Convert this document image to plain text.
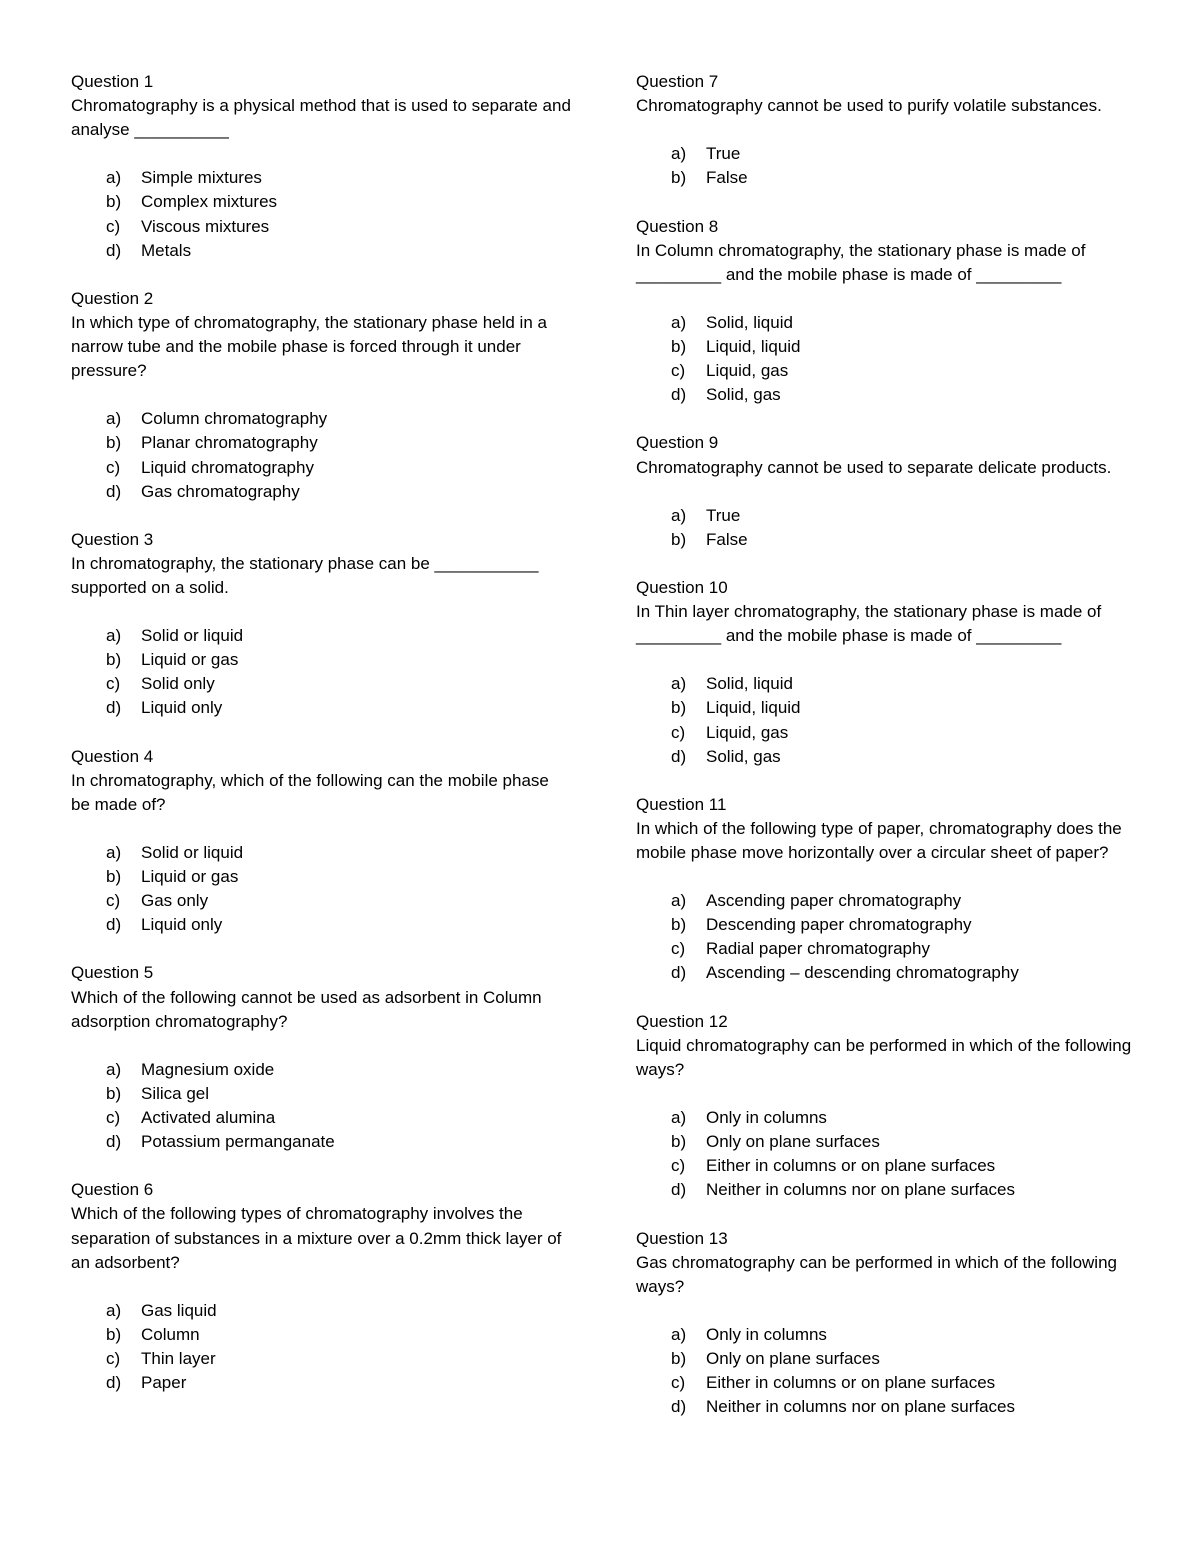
Question 1
Chromatography is a physical method that is used to separate and analyse __________
a)	Simple mixtures
b)	Complex mixtures
c)	Viscous mixtures
d)	Metals
Question 2
In which type of chromatography, the stationary phase held in a narrow tube and the mobile phase is forced through it under pressure?
a)	Column chromatography
b)	Planar chromatography
c)	Liquid chromatography
d)	Gas chromatography
Question 3
In chromatography, the stationary phase can be ___________ supported on a solid.
a)	Solid or liquid
b)	Liquid or gas
c)	Solid only
d)	Liquid only
Question 4
In chromatography, which of the following can the mobile phase be made of?
a)	Solid or liquid
b)	Liquid or gas
c)	Gas only
d)	Liquid only
Question 5
Which of the following cannot be used as adsorbent in Column adsorption chromatography?
a)	Magnesium oxide
b)	Silica gel
c)	Activated alumina
d)	Potassium permanganate
Question 6
Which of the following types of chromatography involves the separation of substances in a mixture over a 0.2mm thick layer of an adsorbent?
a)	Gas liquid
b)	Column
c)	Thin layer
d)	Paper
Question 7
Chromatography cannot be used to purify volatile substances.
a)	True
b)	False
Question 8
In Column chromatography, the stationary phase is made of _________ and the mobile phase is made of _________
a)	Solid, liquid
b)	Liquid, liquid
c)	Liquid, gas
d)	Solid, gas
Question 9
Chromatography cannot be used to separate delicate products.
a)	True
b)	False
Question 10
In Thin layer chromatography, the stationary phase is made of _________ and the mobile phase is made of _________
a)	Solid, liquid
b)	Liquid, liquid
c)	Liquid, gas
d)	Solid, gas
Question 11
In which of the following type of paper, chromatography does the mobile phase move horizontally over a circular sheet of paper?
a)	Ascending paper chromatography
b)	Descending paper chromatography
c)	Radial paper chromatography
d)	Ascending – descending chromatography
Question 12
Liquid chromatography can be performed in which of the following ways?
a)	Only in columns
b)	Only on plane surfaces
c)	Either in columns or on plane surfaces
d)	Neither in columns nor on plane surfaces
Question 13
Gas chromatography can be performed in which of the following ways?
a)	Only in columns
b)	Only on plane surfaces
c)	Either in columns or on plane surfaces
d)	Neither in columns nor on plane surfaces
